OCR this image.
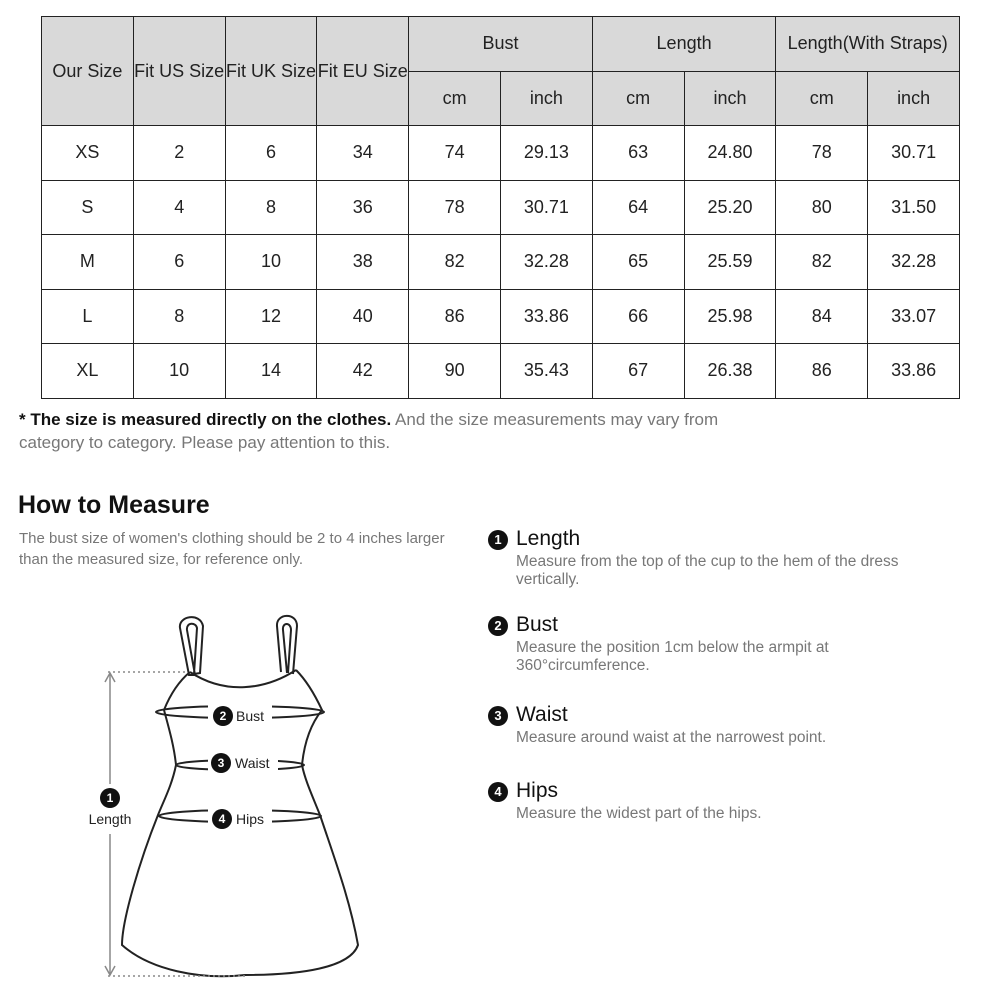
Our Size	Fit US Size	Fit UK Size	Fit EU Size	Bust		Length		Length(With Straps)	
				cm	inch	cm	inch	cm	inch
XS	2	6	34	74	29.13	63	24.80	78	30.71
S	4	8	36	78	30.71	64	25.20	80	31.50
M	6	10	38	82	32.28	65	25.59	82	32.28
L	8	12	40	86	33.86	66	25.98	84	33.07
XL	10	14	42	90	35.43	67	26.38	86	33.86
* The size is measured directly on the clothes. And the size measurements may vary from category to category. Please pay attention to this.
How to Measure
The bust size of women's clothing should be 2 to 4 inches larger than the measured size, for reference only.
1 Length
Measure from the top of the cup to the hem of the dress vertically.
2 Bust
Measure the position 1cm below the armpit at 360°circumference.
3 Waist
Measure around waist at the narrowest point.
4 Hips
Measure the widest part of the hips.
1
Length
2 Bust
3 Waist
4 Hips
